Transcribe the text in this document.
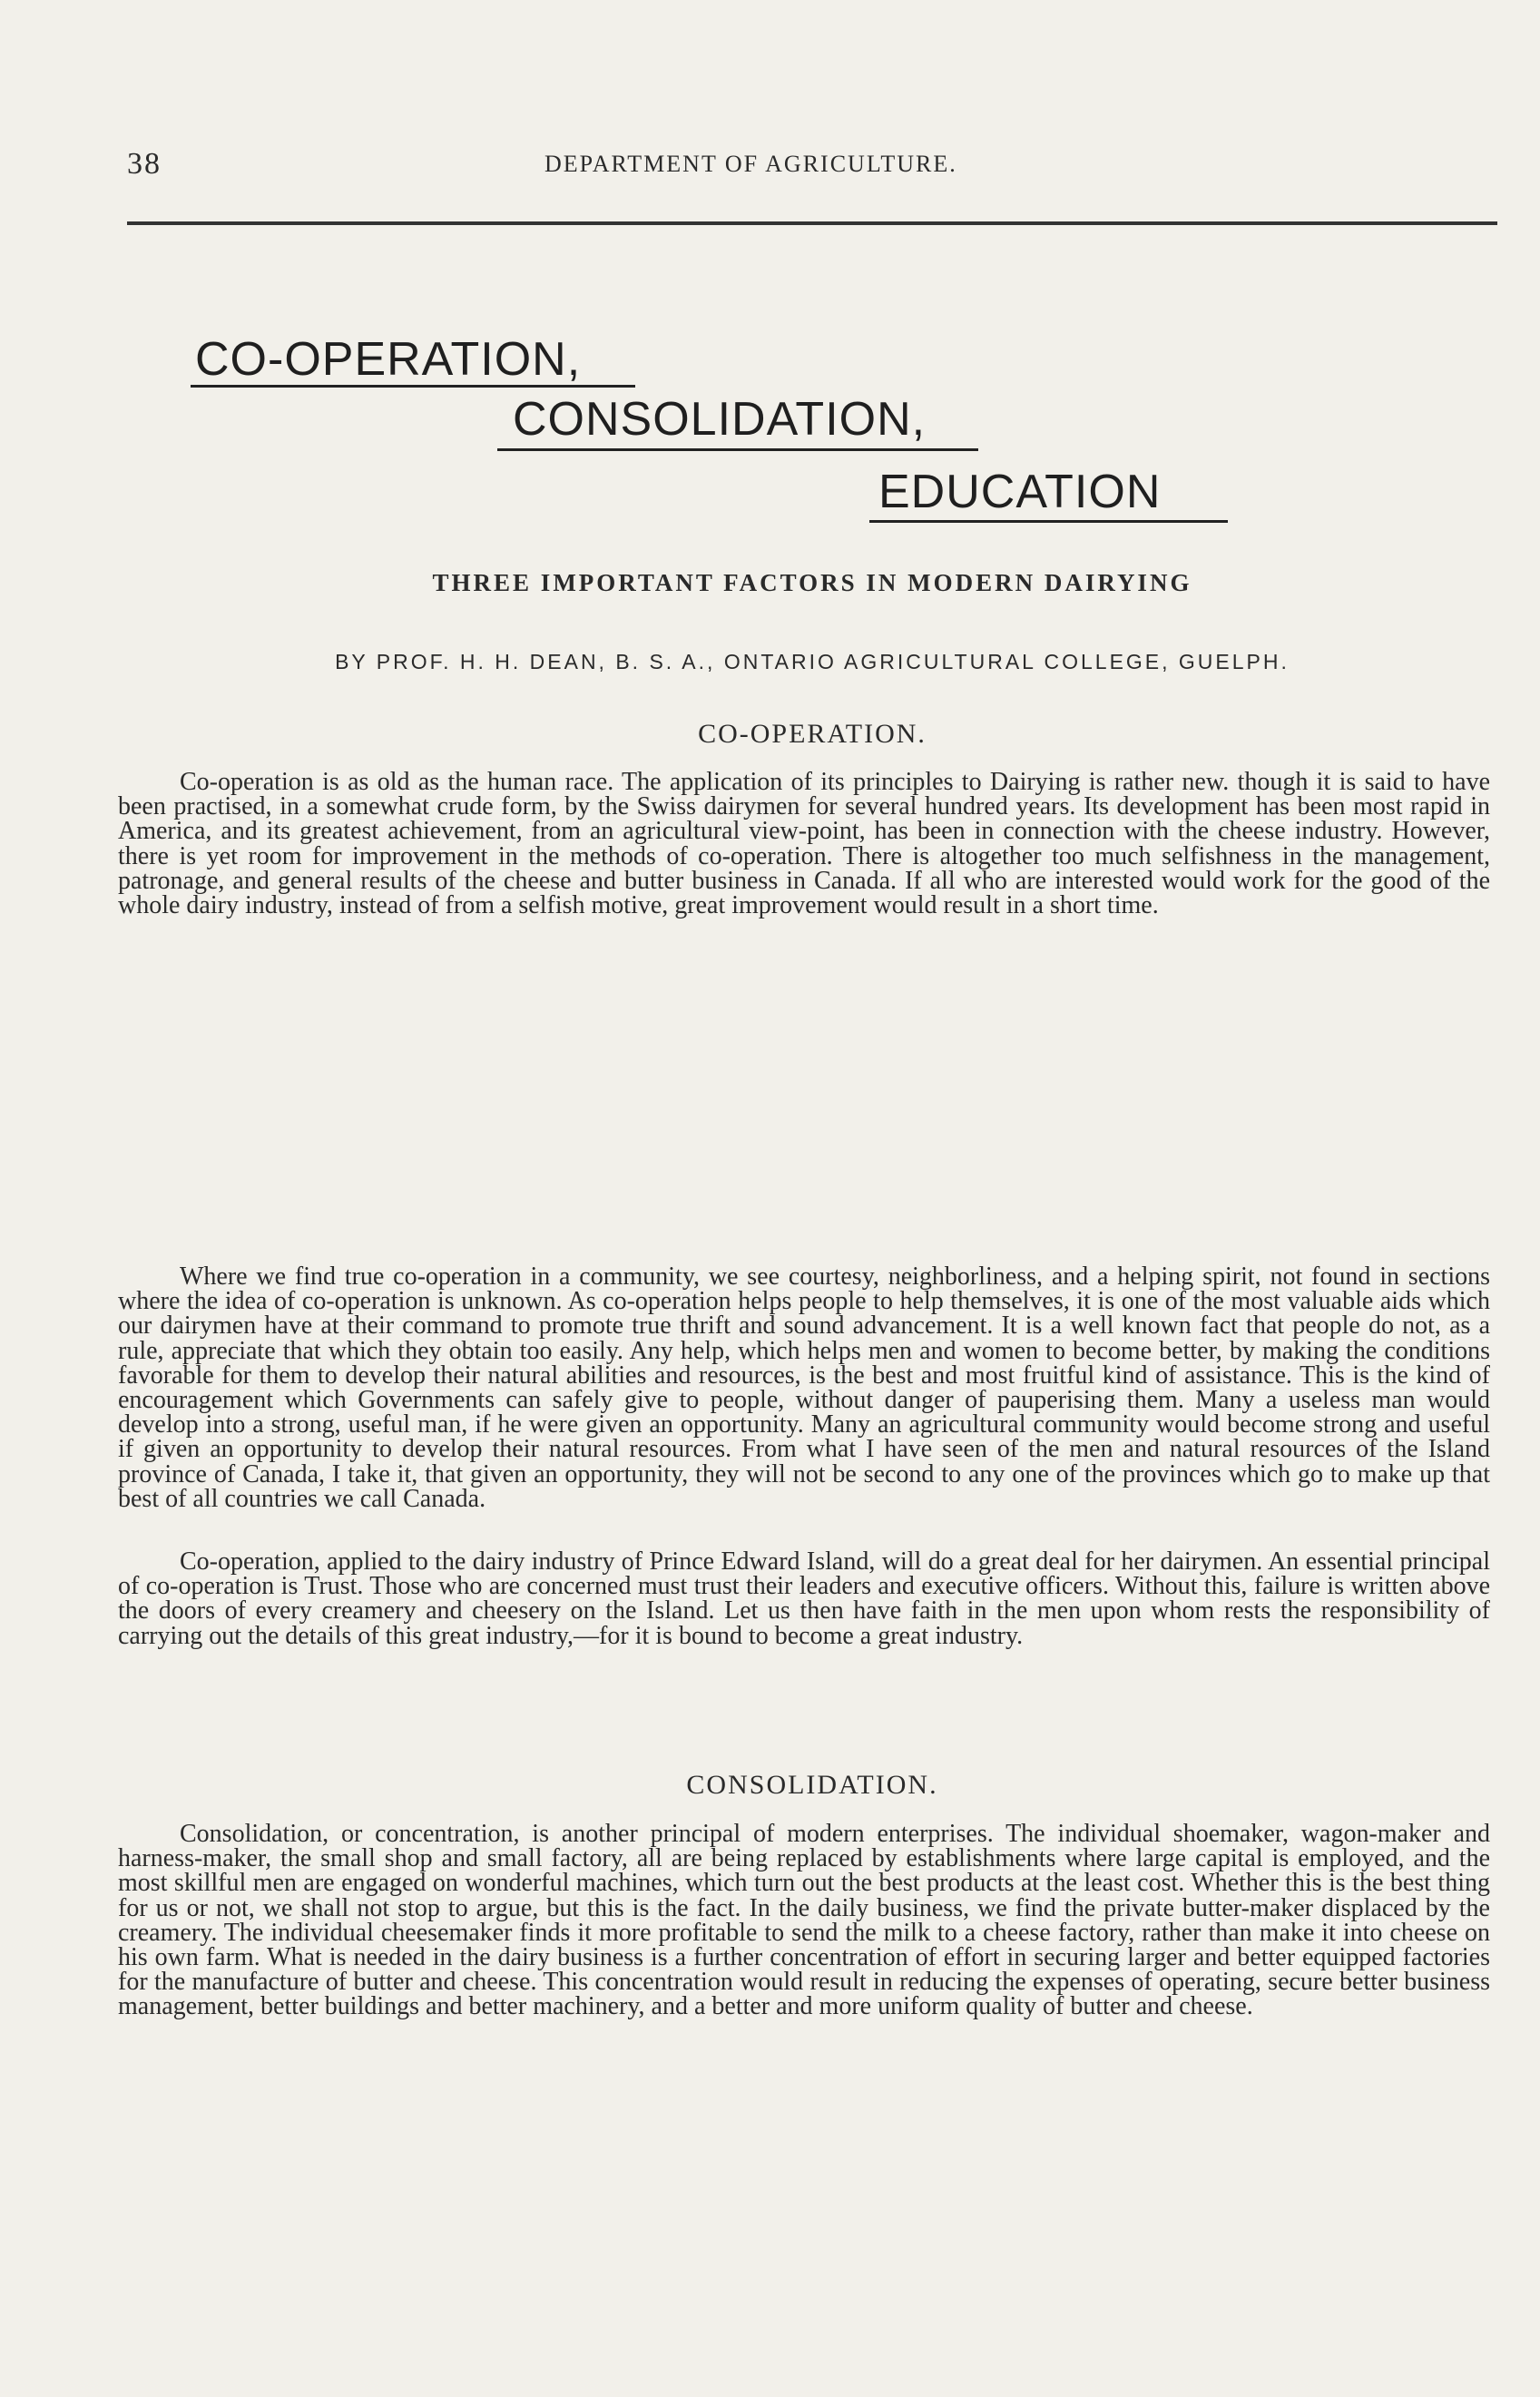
38	DEPARTMENT OF AGRICULTURE.
CO-OPERATION,
CONSOLIDATION,
EDUCATION
THREE IMPORTANT FACTORS IN MODERN DAIRYING
BY PROF. H. H. DEAN, B. S. A., ONTARIO AGRICULTURAL COLLEGE, GUELPH.
CO-OPERATION.

Co-operation is as old as the human race. The application of its principles to Dairying is rather new. though it is said to have been practised, in a somewhat crude form, by the Swiss dairymen for several hundred years. Its development has been most rapid in America, and its greatest achievement, from an agricultural view-point, has been in connection with the cheese industry. However, there is yet room for improvement in the methods of co-operation. There is altogether too much selfishness in the management, patronage, and general results of the cheese and butter business in Canada. If all who are interested would work for the good of the whole dairy industry, instead of from a selfish motive, great improvement would result in a short time.

Where we find true co-operation in a community, we see courtesy, neighborliness, and a helping spirit, not found in sections where the idea of co-operation is unknown. As co-operation helps people to help themselves, it is one of the most valuable aids which our dairymen have at their command to promote true thrift and sound advancement. It is a well known fact that people do not, as a rule, appreciate that which they obtain too easily. Any help, which helps men and women to become better, by making the conditions favorable for them to develop their natural abilities and resources, is the best and most fruitful kind of assistance. This is the kind of encouragement which Governments can safely give to people, without danger of pauperising them. Many a useless man would develop into a strong, useful man, if he were given an opportunity. Many an agricultural community would become strong and useful if given an opportunity to develop their natural resources. From what I have seen of the men and natural resources of the Island province of Canada, I take it, that given an opportunity, they will not be second to any one of the provinces which go to make up that best of all countries we call Canada.

Co-operation, applied to the dairy industry of Prince Edward Island, will do a great deal for her dairymen. An essential principal of co-operation is Trust. Those who are concerned must trust their leaders and executive officers. Without this, failure is written above the doors of every creamery and cheesery on the Island. Let us then have faith in the men upon whom rests the responsibility of carrying out the details of this great industry,—for it is bound to become a great industry.

CONSOLIDATION.

Consolidation, or concentration, is another principal of modern enterprises. The individual shoemaker, wagon-maker and harness-maker, the small shop and small factory, all are being replaced by establishments where large capital is employed, and the most skillful men are engaged on wonderful machines, which turn out the best products at the least cost. Whether this is the best thing for us or not, we shall not stop to argue, but this is the fact. In the daily business, we find the private butter-maker displaced by the creamery. The individual cheesemaker finds it more profitable to send the milk to a cheese factory, rather than make it into cheese on his own farm. What is needed in the dairy business is a further concentration of effort in securing larger and better equipped factories for the manufacture of butter and cheese. This concentration would result in reducing the expenses of operating, secure better business management, better buildings and better machinery, and a better and more uniform quality of butter and cheese.
